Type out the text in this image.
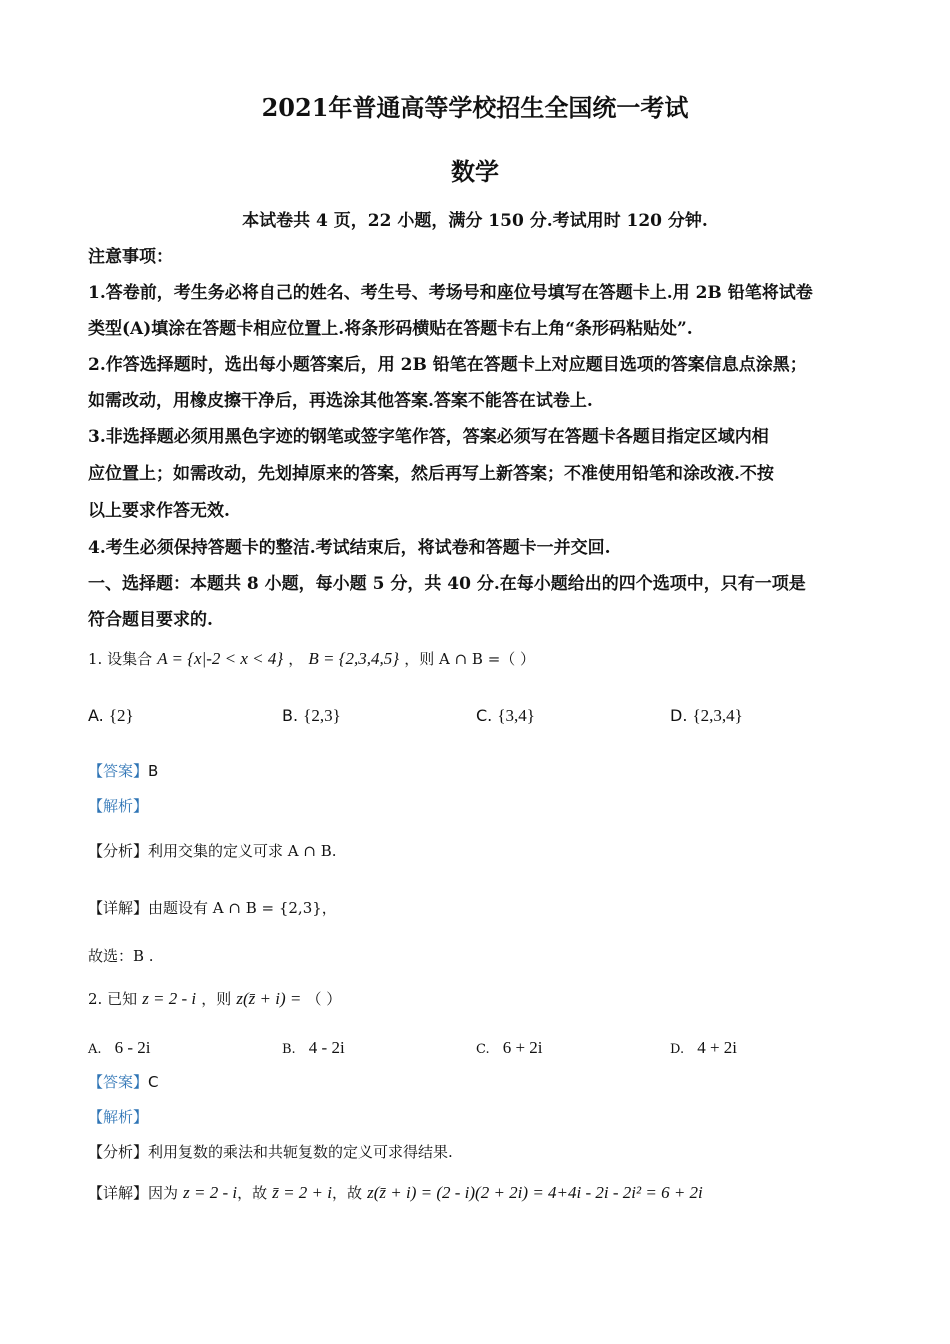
2021年普通高等学校招生全国统一考试
数学
本试卷共 4 页，22 小题，满分 150 分.考试用时 120 分钟.
注意事项：
1.答卷前，考生务必将自己的姓名、考生号、考场号和座位号填写在答题卡上.用 2B 铅笔将试卷
类型(A)填涂在答题卡相应位置上.将条形码横贴在答题卡右上角“条形码粘贴处”.
2.作答选择题时，选出每小题答案后，用 2B 铅笔在答题卡上对应题目选项的答案信息点涂黑；
如需改动，用橡皮擦干净后，再选涂其他答案.答案不能答在试卷上.
3.非选择题必须用黑色字迹的钢笔或签字笔作答，答案必须写在答题卡各题目指定区域内相
应位置上；如需改动，先划掉原来的答案，然后再写上新答案；不准使用铅笔和涂改液.不按
以上要求作答无效.
4.考生必须保持答题卡的整洁.考试结束后，将试卷和答题卡一并交回.
一、选择题：本题共 8 小题，每小题 5 分，共 40 分.在每小题给出的四个选项中，只有一项是
符合题目要求的.
1. 设集合 A = {x|-2 < x < 4} ， B = {2,3,4,5} ，则 A ∩ B =（ ）
A. {2}	B. {2,3}	C. {3,4}	D. {2,3,4}
【答案】B
【解析】
【分析】利用交集的定义可求 A ∩ B.
【详解】由题设有 A ∩ B = {2,3}，
故选：B .
2. 已知 z = 2 - i ，则 z(z̄ + i) = （ ）
A. 6 - 2i	B. 4 - 2i	C. 6 + 2i	D. 4 + 2i
【答案】C
【解析】
【分析】利用复数的乘法和共轭复数的定义可求得结果.
【详解】因为 z = 2 - i，故 z̄ = 2 + i，故 z(z̄ + i) = (2 - i)(2 + 2i) = 4+4i - 2i - 2i² = 6 + 2i
